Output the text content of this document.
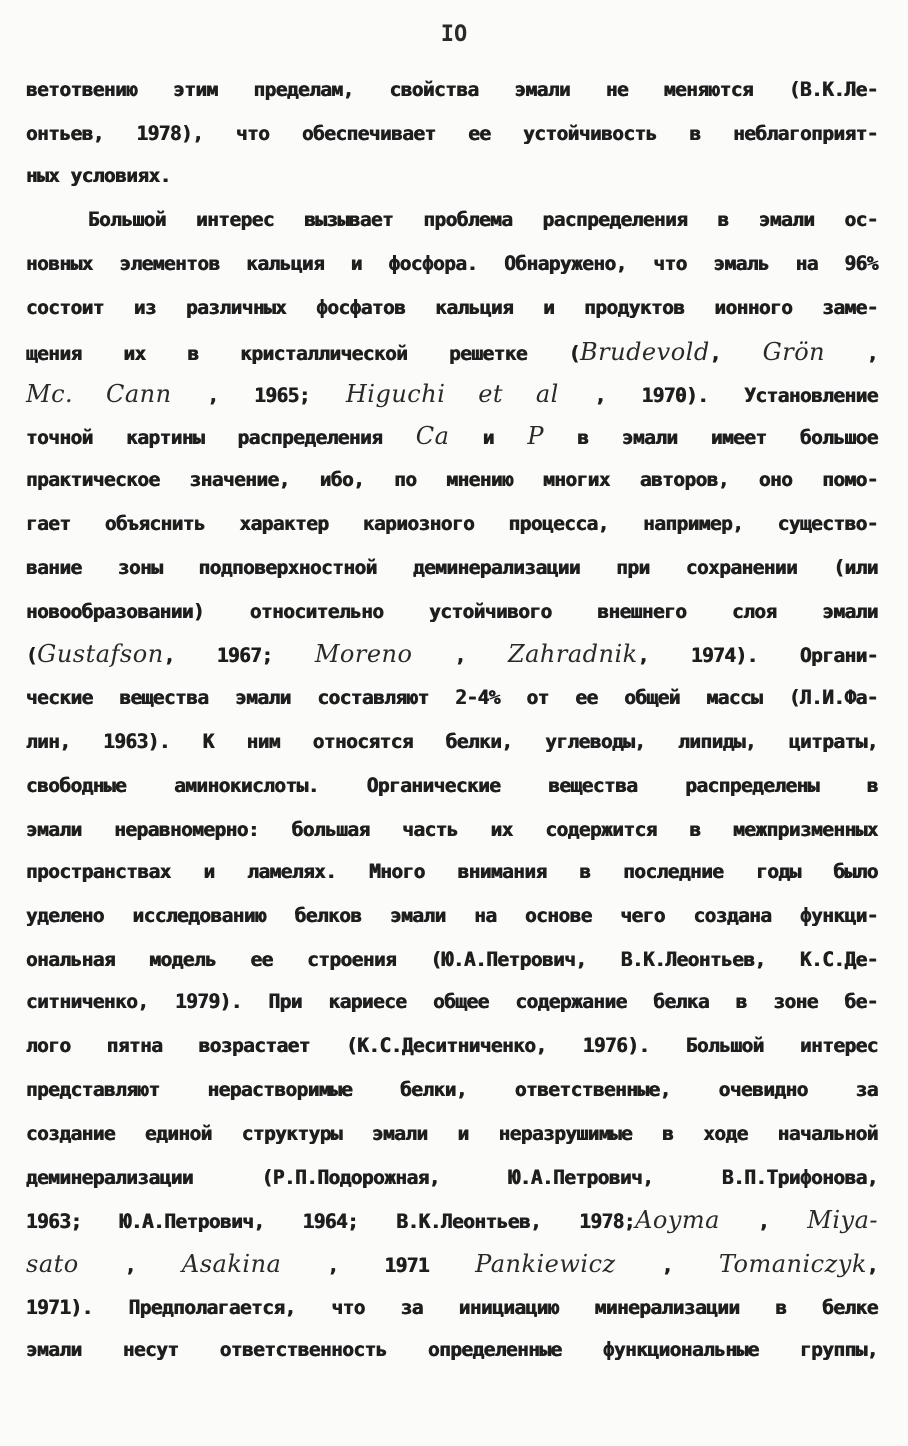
IO
ветотвению этим пределам, свойства эмали не меняются (В.К.Ле-
онтьев, 1978), что обеспечивает ее устойчивость в неблагоприят-
ных условиях.
Большой интерес вызывает проблема распределения в эмали ос-
новных элементов кальция и фосфора. Обнаружено, что эмаль на 96%
состоит из различных фосфатов кальция и продуктов ионного заме-
щения их в кристаллической решетке (Brudevold, Grön ,
Mc. Cann , 1965; Higuchi et al , 1970). Установление
точной картины распределения Ca и P в эмали имеет большое
практическое значение, ибо, по мнению многих авторов, оно помо-
гает объяснить характер кариозного процесса, например, существо-
вание зоны подповерхностной деминерализации при сохранении (или
новообразовании) относительно устойчивого внешнего слоя эмали
(Gustafson, 1967; Moreno , Zahradnik, 1974). Органи-
ческие вещества эмали составляют 2-4% от ее общей массы (Л.И.Фа-
лин, 1963). К ним относятся белки, углеводы, липиды, цитраты,
свободные аминокислоты. Органические вещества распределены в
эмали неравномерно: большая часть их содержится в межпризменных
пространствах и ламелях. Много внимания в последние годы было
уделено исследованию белков эмали на основе чего создана функци-
ональная модель ее строения (Ю.А.Петрович, В.К.Леонтьев, К.С.Де-
ситниченко, 1979). При кариесе общее содержание белка в зоне бе-
лого пятна возрастает (К.С.Деситниченко, 1976). Большой интерес
представляют нерастворимые белки, ответственные, очевидно за
создание единой структуры эмали и неразрушимые в ходе начальной
деминерализации (Р.П.Подорожная, Ю.А.Петрович, В.П.Трифонова,
1963; Ю.А.Петрович, 1964; В.К.Леонтьев, 1978;Aoyma , Miya-
sato , Asakina , 1971 Pankiewicz , Tomaniczyk,
1971). Предполагается, что за инициацию минерализации в белке
эмали несут ответственность определенные функциональные группы,
